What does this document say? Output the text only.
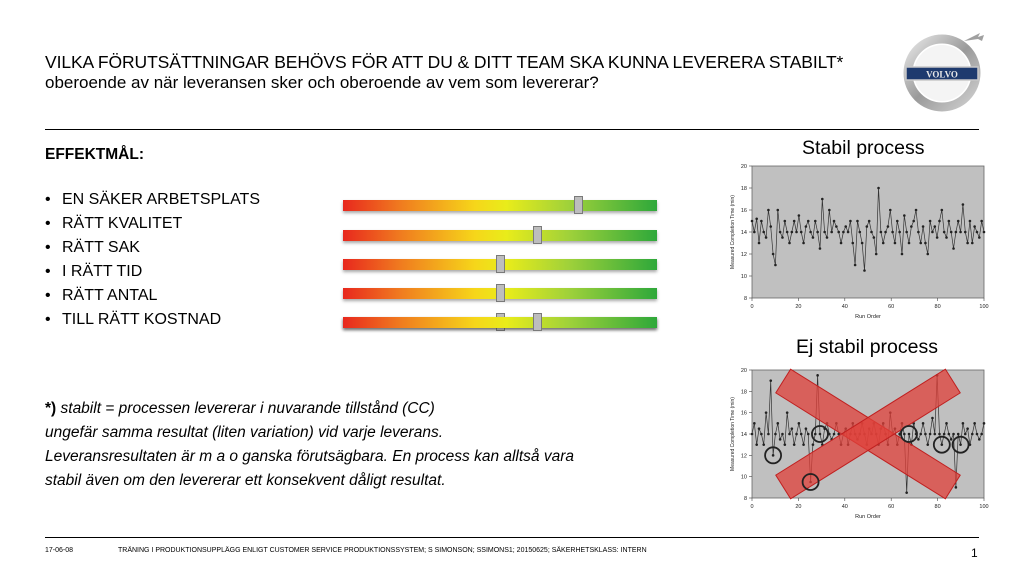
VILKA FÖRUTSÄTTNINGAR BEHÖVS FÖR ATT DU & DITT TEAM SKA KUNNA LEVERERA STABILT*
oberoende av när leveransen sker och oberoende av vem som levererar?	VOLVO
EFFEKTMÅL:
• EN SÄKER ARBETSPLATS
• RÄTT KVALITET
• RÄTT SAK
• I RÄTT TID
• RÄTT ANTAL
• TILL RÄTT KOSTNAD
*) stabilt = processen levererar i nuvarande tillstånd (CC)
ungefär samma resultat (liten variation) vid varje leverans.
Leveransresultaten är m a o ganska förutsägbara. En process kan alltså vara
stabil även om den levererar ett konsekvent dåligt resultat.
Stabil process
Ej stabil process
8
10
12
14
16
18
20
0	20	40	60	80	100
Run Order
Measured Completion Time (min)
8
10
12
14
16
18
20
0	20	40	60	80	100
Run Order
Measured Completion Time (min)
17-06-08	TRÄNING I PRODUKTIONSUPPLÄGG ENLIGT CUSTOMER SERVICE PRODUKTIONSSYSTEM; S SIMONSON; SSIMONS1; 20150625; SÄKERHETSKLASS: INTERN	1
